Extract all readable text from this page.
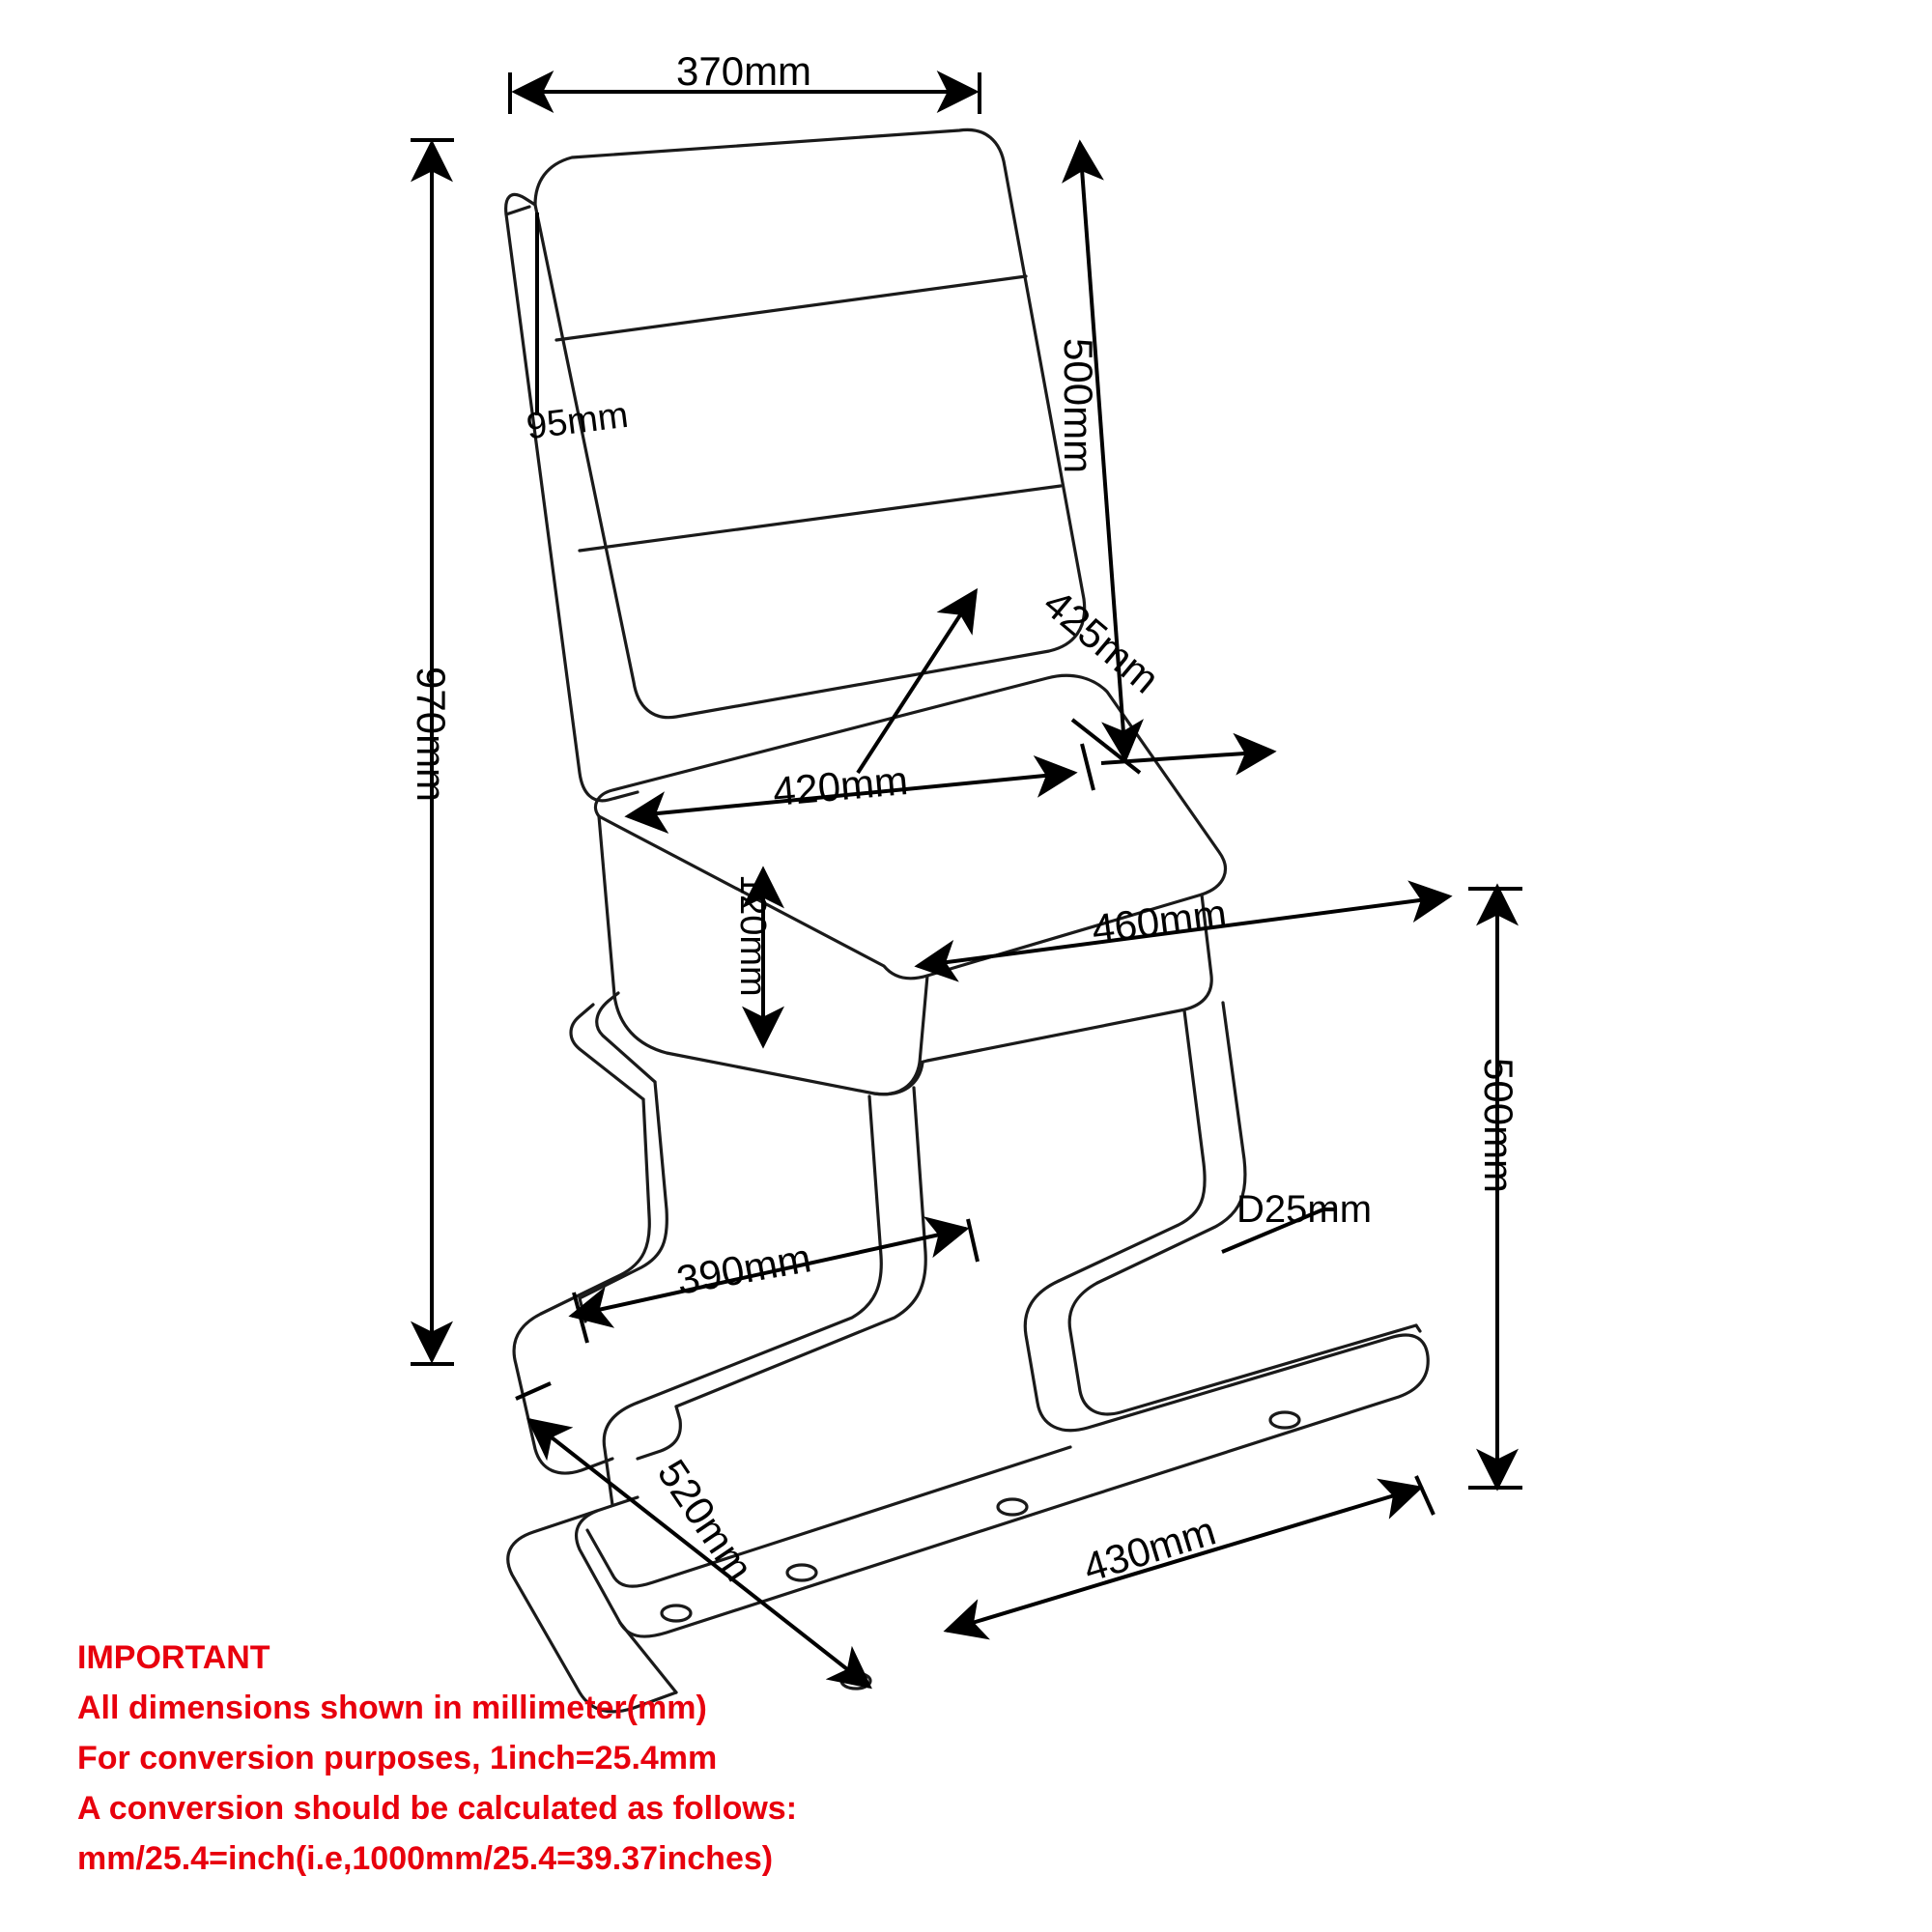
370mm
500mm
970mm
95mm
425mm
420mm
460mm
120mm
500mm
390mm
520mm	430mm
D25mm
IMPORTANT
All dimensions shown in millimeter(mm)
For conversion purposes, 1inch=25.4mm
A conversion should be calculated as follows:
mm/25.4=inch(i.e,1000mm/25.4=39.37inches)
